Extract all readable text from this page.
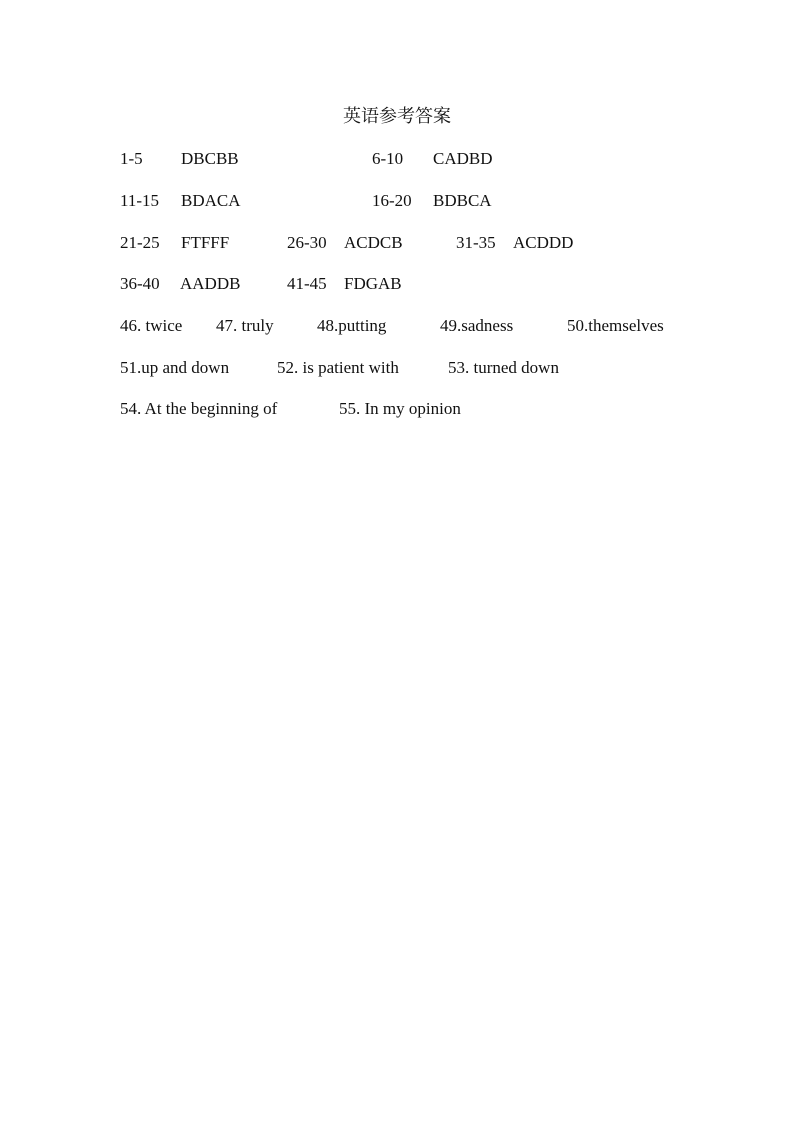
英语参考答案
1-5 DBCBB	6-10 CADBD
11-15 BDACA	16-20 BDBCA
21-25 FTFFF	26-30 ACDCB	31-35 ACDDD
36-40 AADDB	41-45 FDGAB
46. twice 47. truly	48.putting	49.sadness	50.themselves
51.up and down	52. is patient with	53. turned down
54. At the beginning of	55. In my opinion
